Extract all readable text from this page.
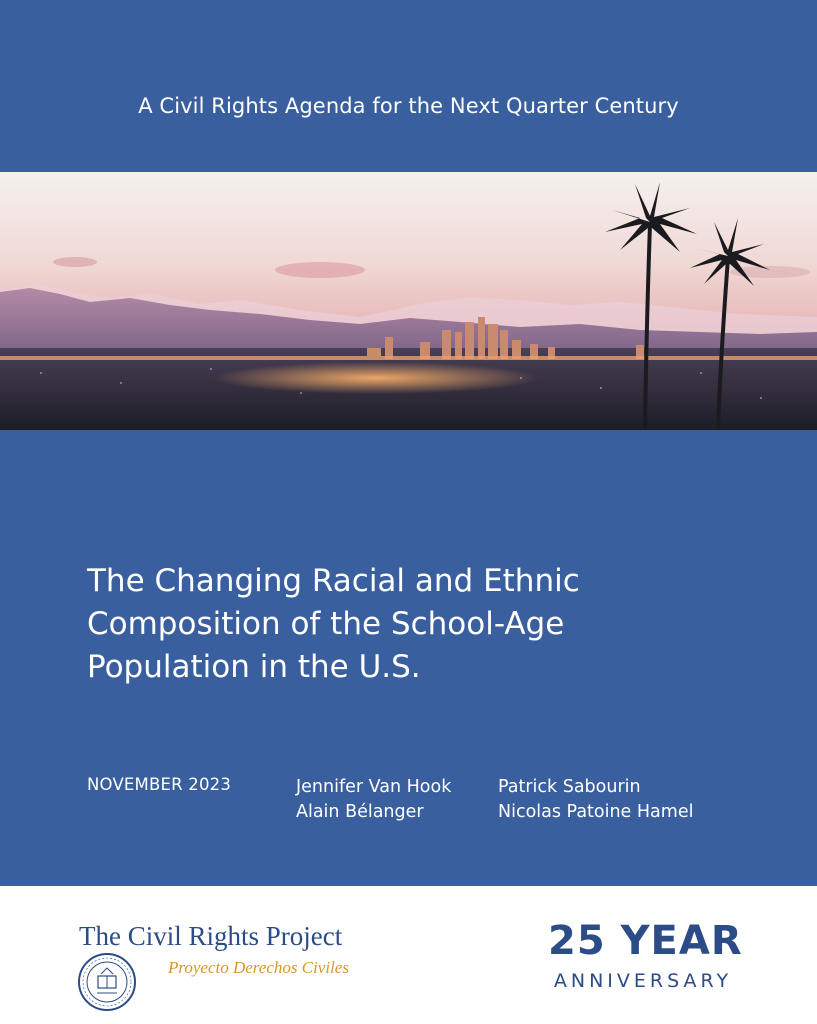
A Civil Rights Agenda for the Next Quarter Century
The Changing Racial and Ethnic
Composition of the School-Age
Population in the U.S.
NOVEMBER 2023	Jennifer Van Hook
Alain Bélanger
Patrick Sabourin
Nicolas Patoine Hamel
The Civil Rights Project
Proyecto Derechos Civiles
25 YEAR
ANNIVERSARY
